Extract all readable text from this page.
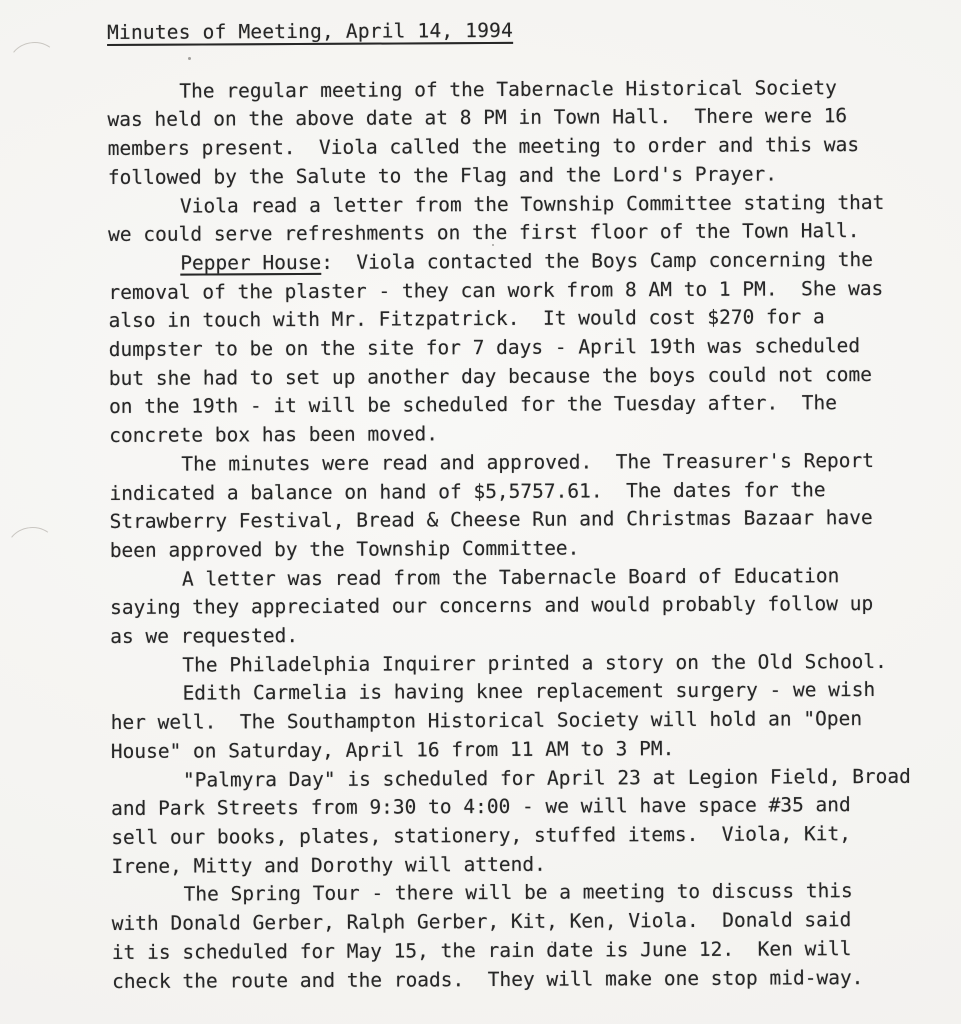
Minutes of Meeting, April 14, 1994

The regular meeting of the Tabernacle Historical Society
was held on the above date at 8 PM in Town Hall.  There were 16
members present.  Viola called the meeting to order and this was
followed by the Salute to the Flag and the Lord's Prayer.

Viola read a letter from the Township Committee stating that
we could serve refreshments on the first floor of the Town Hall.

Pepper House:  Viola contacted the Boys Camp concerning the
removal of the plaster - they can work from 8 AM to 1 PM.  She was
also in touch with Mr. Fitzpatrick.  It would cost $270 for a
dumpster to be on the site for 7 days - April 19th was scheduled
but she had to set up another day because the boys could not come
on the 19th - it will be scheduled for the Tuesday after.  The
concrete box has been moved.

The minutes were read and approved.  The Treasurer's Report
indicated a balance on hand of $5,5757.61.  The dates for the
Strawberry Festival, Bread & Cheese Run and Christmas Bazaar have
been approved by the Township Committee.

A letter was read from the Tabernacle Board of Education
saying they appreciated our concerns and would probably follow up
as we requested.

The Philadelphia Inquirer printed a story on the Old School.

Edith Carmelia is having knee replacement surgery - we wish
her well.  The Southampton Historical Society will hold an "Open
House" on Saturday, April 16 from 11 AM to 3 PM.

"Palmyra Day" is scheduled for April 23 at Legion Field, Broad
and Park Streets from 9:30 to 4:00 - we will have space #35 and
sell our books, plates, stationery, stuffed items.  Viola, Kit,
Irene, Mitty and Dorothy will attend.

The Spring Tour - there will be a meeting to discuss this
with Donald Gerber, Ralph Gerber, Kit, Ken, Viola.  Donald said
it is scheduled for May 15, the rain date is June 12.  Ken will
check the route and the roads.  They will make one stop mid-way.
